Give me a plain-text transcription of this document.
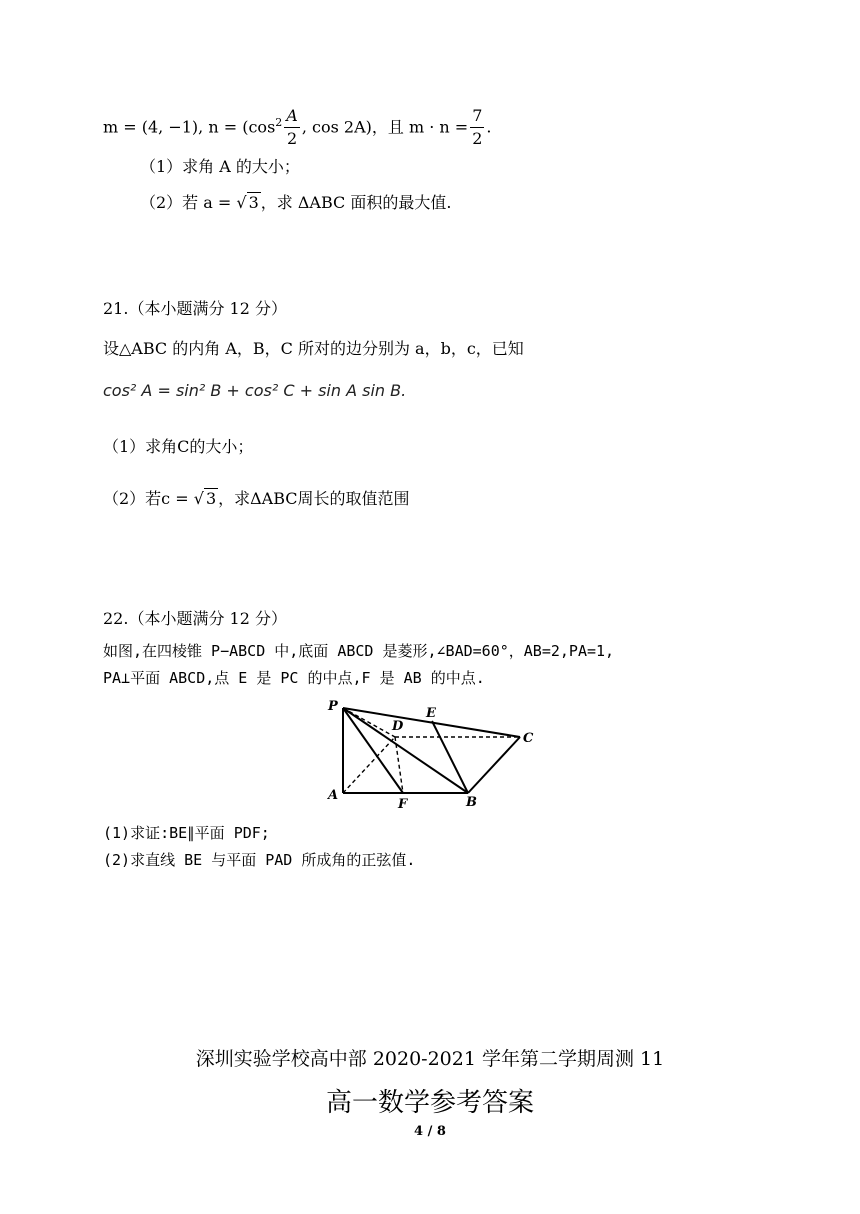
m = (4, −1), $n = (\cos^2 \frac{A}{2}$ , cos 2A)，且 $m \cdot n = \frac{7}{2}$ .
（1）求角 A 的大小；
（2）若 a = √ 3 ，求 ΔABC 面积的最大值.
21.（本小题满分 12 分）
设△ABC 的内角 A，B，C 所对的边分别为 a，b，c，已知
cos² A = sin² B + cos² C + sin A sin B.
（1）求角C的大小；
（2）若c = √ 3 ，求ΔABC周长的取值范围
22.（本小题满分 12 分）
如图,在四棱锥 P−ABCD 中,底面 ABCD 是菱形,∠BAD=60°，AB=2,PA=1,
PA⊥平面 ABCD,点 E 是 PC 的中点,F 是 AB 的中点.
P
D
E
C
A
F	B
(1)求证:BE∥平面 PDF;
(2)求直线 BE 与平面 PAD 所成角的正弦值.
深圳实验学校高中部 2020-2021 学年第二学期周测 11
高一数学参考答案
4 / 8
